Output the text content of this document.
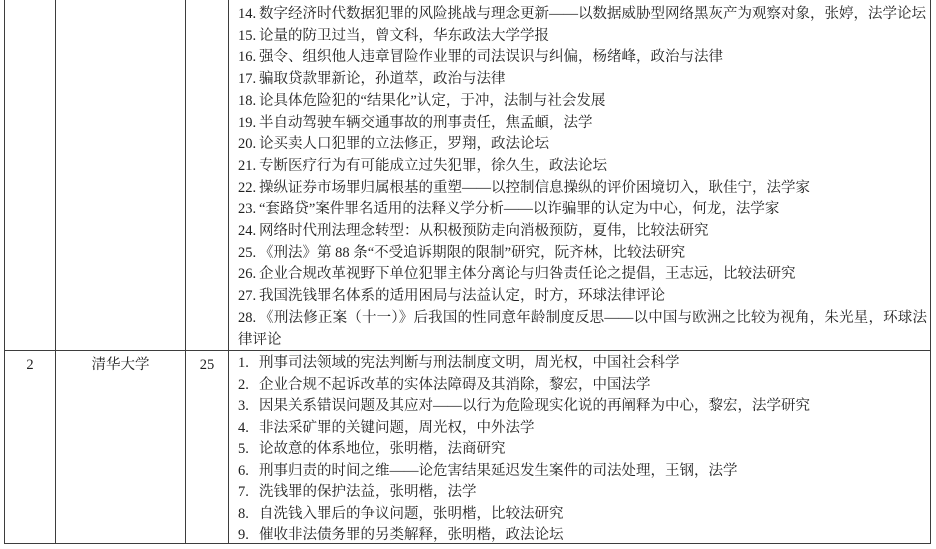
14. 数字经济时代数据犯罪的风险挑战与理念更新——以数据威胁型网络黑灰产为观察对象，张婷，法学论坛
15. 论量的防卫过当，曾文科，华东政法大学学报
16. 强令、组织他人违章冒险作业罪的司法误识与纠偏，杨绪峰，政治与法律
17. 骗取贷款罪新论，孙道萃，政治与法律
18. 论具体危险犯的“结果化”认定，于冲，法制与社会发展
19. 半自动驾驶车辆交通事故的刑事责任，焦孟頔，法学
20. 论买卖人口犯罪的立法修正，罗翔，政法论坛
21. 专断医疗行为有可能成立过失犯罪，徐久生，政法论坛
22. 操纵证券市场罪归属根基的重塑——以控制信息操纵的评价困境切入，耿佳宁，法学家
23. “套路贷”案件罪名适用的法释义学分析——以诈骗罪的认定为中心，何龙，法学家
24. 网络时代刑法理念转型：从积极预防走向消极预防，夏伟，比较法研究
25. 《刑法》第 88 条“不受追诉期限的限制”研究，阮齐林，比较法研究
26. 企业合规改革视野下单位犯罪主体分离论与归咎责任论之提倡，王志远，比较法研究
27. 我国洗钱罪名体系的适用困局与法益认定，时方，环球法律评论
28. 《刑法修正案（十一）》后我国的性同意年龄制度反思——以中国与欧洲之比较为视角，朱光星，环球法律评论
2	清华大学	25	1. 刑事司法领域的宪法判断与刑法制度文明，周光权，中国社会科学
2. 企业合规不起诉改革的实体法障碍及其消除，黎宏，中国法学
3. 因果关系错误问题及其应对——以行为危险现实化说的再阐释为中心，黎宏，法学研究
4. 非法采矿罪的关键问题，周光权，中外法学
5. 论故意的体系地位，张明楷，法商研究
6. 刑事归责的时间之维——论危害结果延迟发生案件的司法处理，王钢，法学
7. 洗钱罪的保护法益，张明楷，法学
8. 自洗钱入罪后的争议问题，张明楷，比较法研究
9. 催收非法债务罪的另类解释，张明楷，政法论坛
